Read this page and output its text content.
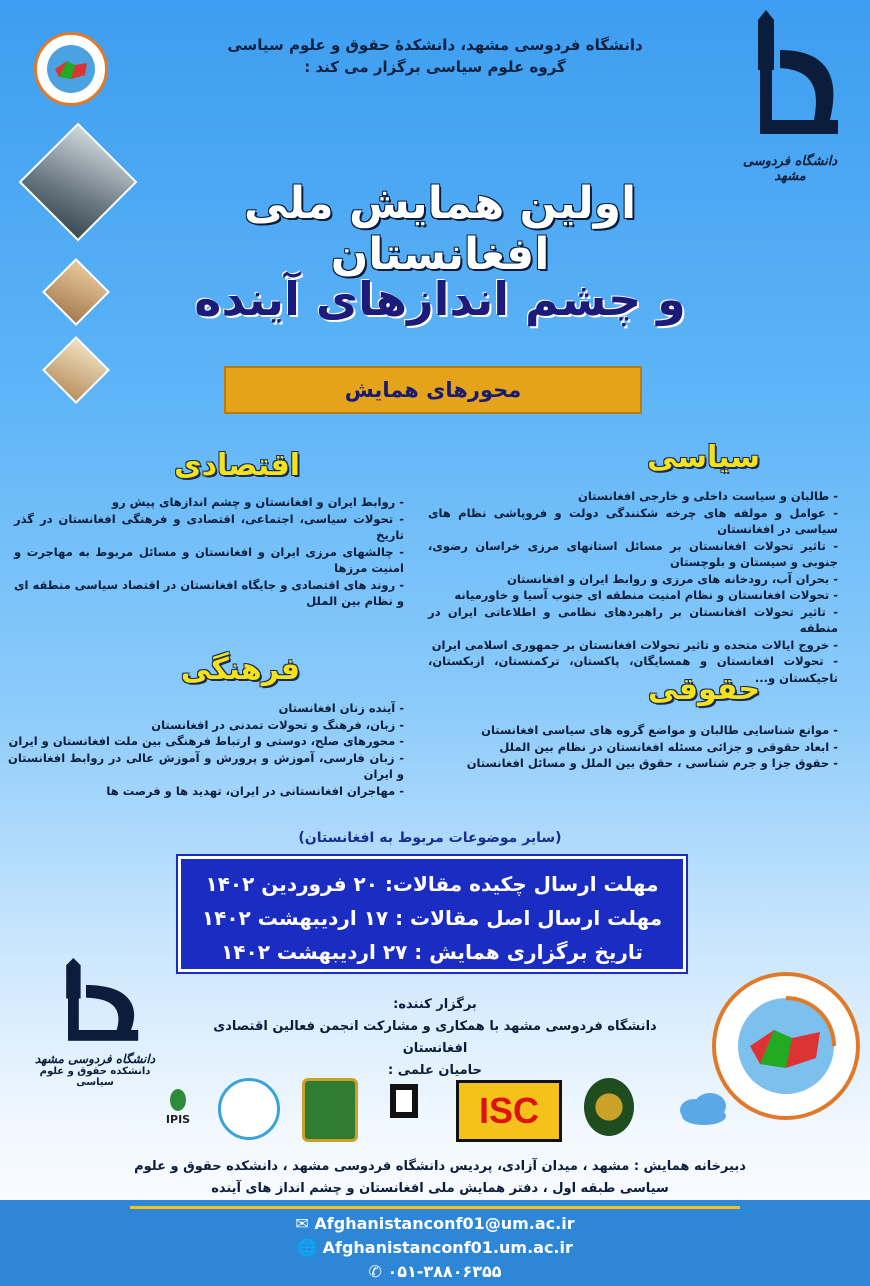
دانشگاه فردوسی مشهد
دانشگاه فردوسی مشهد، دانشکدهٔ حقوق و علوم سیاسی
گروه علوم سیاسی برگزار می کند :
اولین همایش ملی افغانستان
و چشم اندازهای آینده
محورهای همایش
سیاسی
- طالبان و سیاست داخلی و خارجی افغانستان
- عوامل و مولفه های چرخه شکنندگی دولت و فروپاشی نظام های سیاسی در افغانستان
- تاثیر تحولات افغانستان بر مسائل استانهای مرزی خراسان رضوی، جنوبی و سیستان و بلوچستان
- بحران آب، رودخانه های مرزی و روابط ایران و افغانستان
- تحولات افغانستان و نظام امنیت منطقه ای جنوب آسیا و خاورمیانه
- تاثیر تحولات افغانستان بر راهبردهای نظامی و اطلاعاتی ایران در منطقه
- خروج ایالات متحده و تاثیر تحولات افغانستان بر جمهوری اسلامی ایران
- تحولات افغانستان و همسایگان، پاکستان، ترکمنستان، ازبکستان، تاجیکستان و...
اقتصادی
- روابط ایران و افغانستان و چشم اندازهای پیش رو
- تحولات سیاسی، اجتماعی، اقتصادی و فرهنگی افغانستان در گذر تاریخ
- چالشهای مرزی ایران و افغانستان و مسائل مربوط به مهاجرت و امنیت مرزها
- روند های اقتصادی و جایگاه افغانستان در اقتصاد سیاسی منطقه ای و نظام بین الملل
حقوقی
- موانع شناسایی طالبان و مواضع گروه های سیاسی افغانستان
- ابعاد حقوقی و جزائی مسئله افغانستان در نظام بین الملل
- حقوق جزا و جرم شناسی ، حقوق بین الملل و مسائل افغانستان
فرهنگی
- آینده زنان افغانستان
- زبان، فرهنگ و تحولات تمدنی در افغانستان
- محورهای صلح، دوستی و ارتباط فرهنگی بین ملت افغانستان و ایران
- زبان فارسی، آموزش و پرورش و آموزش عالی در روابط افغانستان و ایران
- مهاجران افغانستانی در ایران، تهدید ها و فرصت ها
(سایر موضوعات مربوط به افغانستان)
مهلت ارسال چکیده مقالات: ۲۰ فروردین ۱۴۰۲
مهلت ارسال اصل مقالات : ۱۷ اردیبهشت ۱۴۰۲
تاریخ برگزاری همایش : ۲۷ اردیبهشت ۱۴۰۲
دانشگاه فردوسی مشهد
دانشکده حقوق و علوم سیاسی
برگزار کننده:
دانشگاه فردوسی مشهد با همکاری و مشارکت انجمن فعالین اقتصادی افغانستان
حامیان علمی :
IPIS	ISC
دبیرخانه همایش : مشهد ، میدان آزادی، پردیس دانشگاه فردوسی مشهد ، دانشکده حقوق و علوم
سیاسی طبقه اول ، دفتر همایش ملی افغانستان و چشم انداز های آینده
✉ Afghanistanconf01@um.ac.ir
🌐 Afghanistanconf01.um.ac.ir
✆ ۰۵۱-۳۸۸۰۶۳۵۵
